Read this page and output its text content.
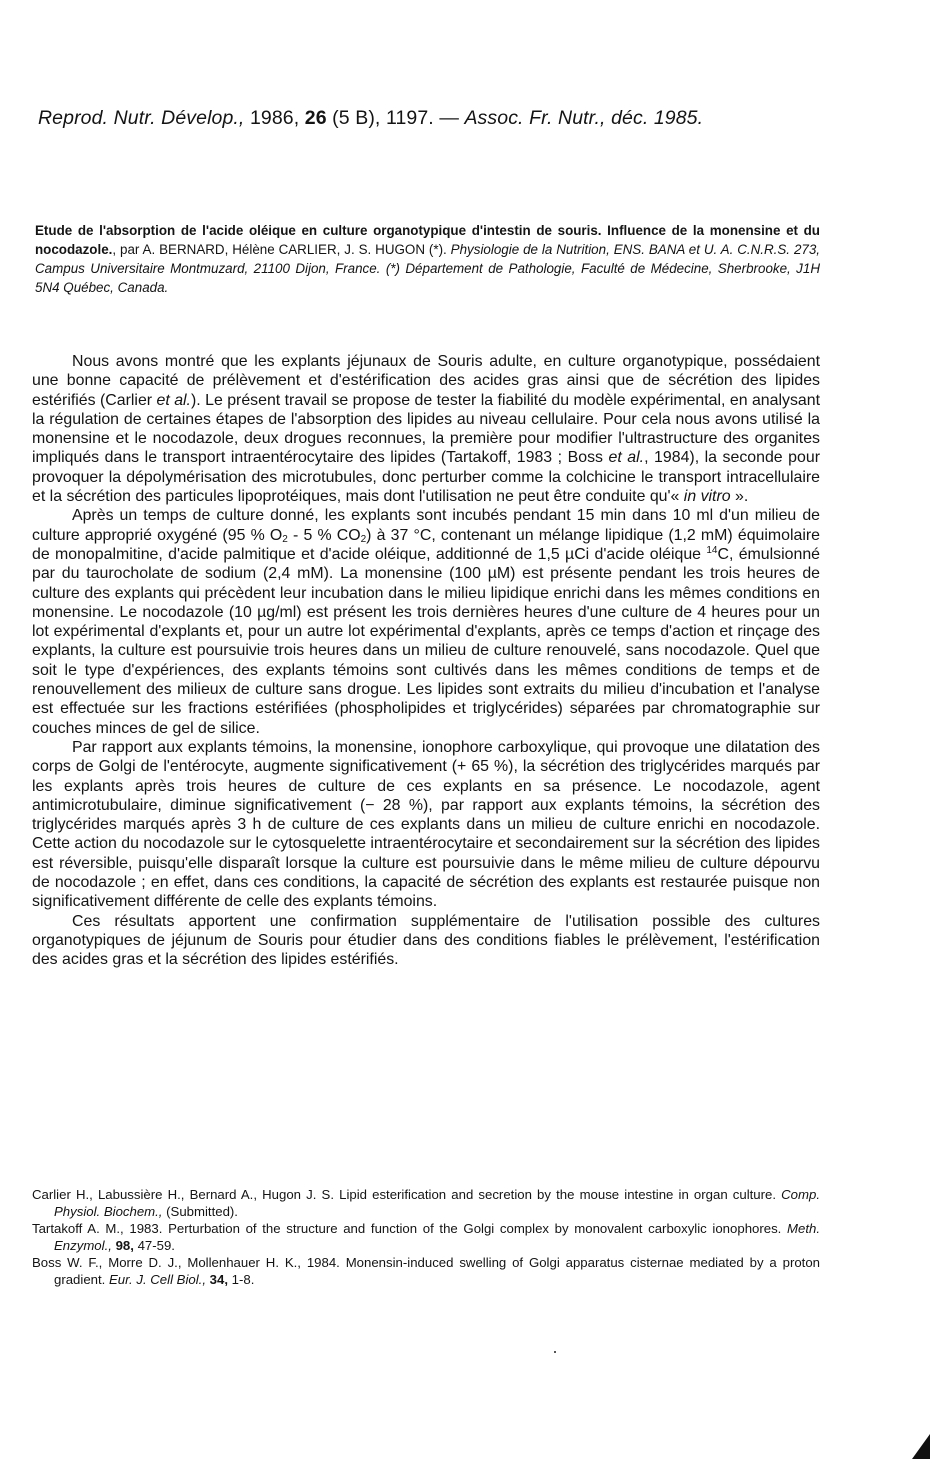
Reprod. Nutr. Dévelop., 1986, 26 (5 B), 1197. — Assoc. Fr. Nutr., déc. 1985.
Etude de l'absorption de l'acide oléique en culture organotypique d'intestin de souris. Influence de la monensine et du nocodazole., par A. BERNARD, Hélène CARLIER, J. S. HUGON (*). Physiologie de la Nutrition, ENS. BANA et U. A. C.N.R.S. 273, Campus Universitaire Montmuzard, 21100 Dijon, France. (*) Département de Pathologie, Faculté de Médecine, Sherbrooke, J1H 5N4 Québec, Canada.

Nous avons montré que les explants jéjunaux de Souris adulte, en culture organotypique, possédaient une bonne capacité de prélèvement et d'estérification des acides gras ainsi que de sécrétion des lipides estérifiés (Carlier et al.). Le présent travail se propose de tester la fiabilité du modèle expérimental, en analysant la régulation de certaines étapes de l'absorption des lipides au niveau cellulaire. Pour cela nous avons utilisé la monensine et le nocodazole, deux drogues reconnues, la première pour modifier l'ultrastructure des organites impliqués dans le transport intraentérocytaire des lipides (Tartakoff, 1983 ; Boss et al., 1984), la seconde pour provoquer la dépolymérisation des microtubules, donc perturber comme la colchicine le transport intracellulaire et la sécrétion des particules lipoprotéiques, mais dont l'utilisation ne peut être conduite qu'« in vitro ».

Après un temps de culture donné, les explants sont incubés pendant 15 min dans 10 ml d'un milieu de culture approprié oxygéné (95 % $O_2 - 5$ % $CO_2$) à 37 °C, contenant un mélange lipidique (1,2 mM) équimolaire de monopalmitine, d'acide palmitique et d'acide oléique, additionné de 1,5 µCi d'acide oléique $^{14}$C, émulsionné par du taurocholate de sodium (2,4 mM). La monensine (100 µM) est présente pendant les trois heures de culture des explants qui précèdent leur incubation dans le milieu lipidique enrichi dans les mêmes conditions en monensine. Le nocodazole (10 µg/ml) est présent les trois dernières heures d'une culture de 4 heures pour un lot expérimental d'explants et, pour un autre lot expérimental d'explants, après ce temps d'action et rinçage des explants, la culture est poursuivie trois heures dans un milieu de culture renouvelé, sans nocodazole. Quel que soit le type d'expériences, des explants témoins sont cultivés dans les mêmes conditions de temps et de renouvellement des milieux de culture sans drogue. Les lipides sont extraits du milieu d'incubation et l'analyse est effectuée sur les fractions estérifiées (phospholipides et triglycérides) séparées par chromatographie sur couches minces de gel de silice.

Par rapport aux explants témoins, la monensine, ionophore carboxylique, qui provoque une dilatation des corps de Golgi de l'entérocyte, augmente significativement (+ 65 %), la sécrétion des triglycérides marqués par les explants après trois heures de culture de ces explants en sa présence. Le nocodazole, agent antimicrotubulaire, diminue significativement (− 28 %), par rapport aux explants témoins, la sécrétion des triglycérides marqués après 3 h de culture de ces explants dans un milieu de culture enrichi en nocodazole. Cette action du nocodazole sur le cytosquelette intraentérocytaire et secondairement sur la sécrétion des lipides est réversible, puisqu'elle disparaît lorsque la culture est poursuivie dans le même milieu de culture dépourvu de nocodazole ; en effet, dans ces conditions, la capacité de sécrétion des explants est restaurée puisque non significativement différente de celle des explants témoins.

Ces résultats apportent une confirmation supplémentaire de l'utilisation possible des cultures organotypiques de jéjunum de Souris pour étudier dans des conditions fiables le prélèvement, l'estérification des acides gras et la sécrétion des lipides estérifiés.

Carlier H., Labussière H., Bernard A., Hugon J. S. Lipid esterification and secretion by the mouse intestine in organ culture. Comp. Physiol. Biochem., (Submitted).
Tartakoff A. M., 1983. Perturbation of the structure and function of the Golgi complex by monovalent carboxylic ionophores. Meth. Enzymol., 98, 47-59.
Boss W. F., Morre D. J., Mollenhauer H. K., 1984. Monensin-induced swelling of Golgi apparatus cisternae mediated by a proton gradient. Eur. J. Cell Biol., 34, 1-8.
